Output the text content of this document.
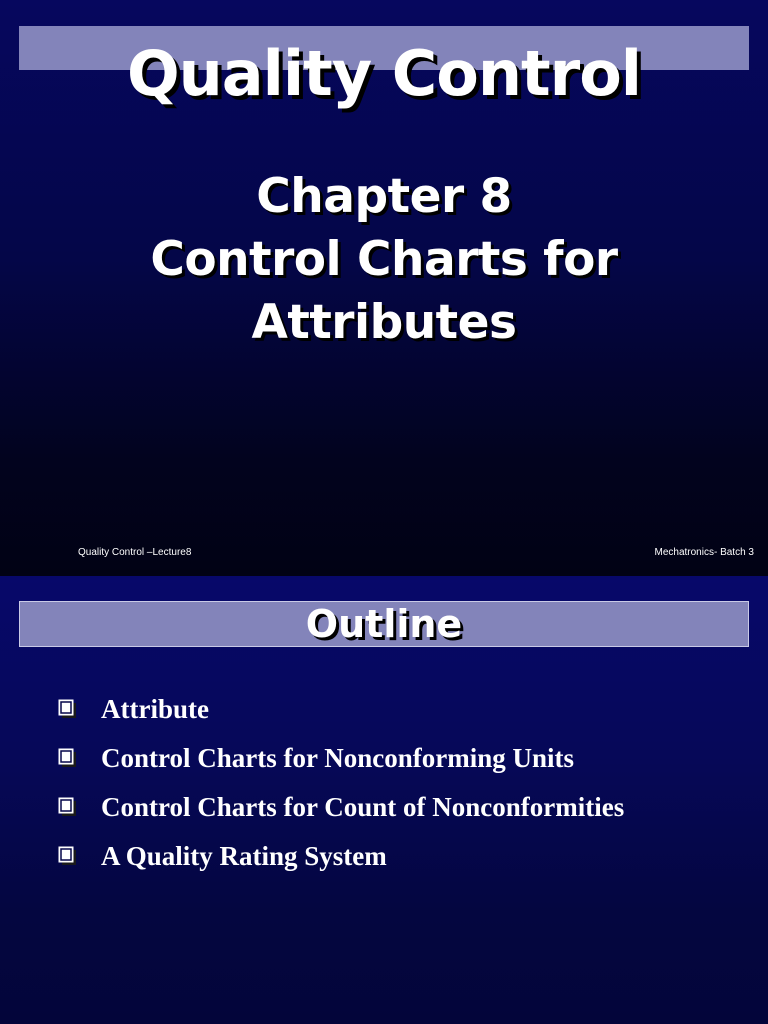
Quality Control
Chapter 8
Control Charts for
Attributes
Quality Control –Lecture8	Mechatronics- Batch 3
Outline
Attribute
Control Charts for Nonconforming Units
Control Charts for Count of Nonconformities
A Quality Rating System
